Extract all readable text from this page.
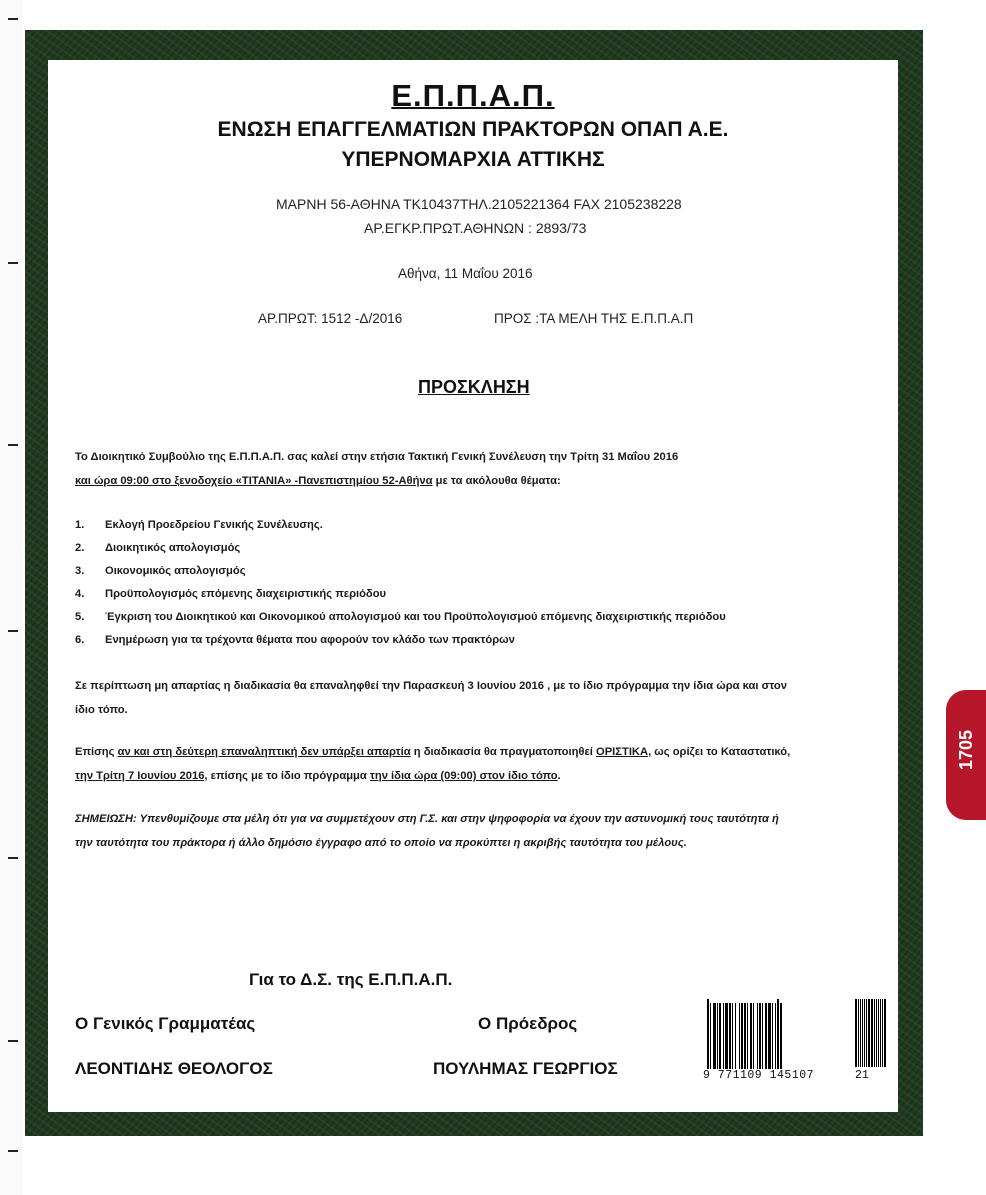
1705
Ε.Π.Π.Α.Π.
ΕΝΩΣΗ ΕΠΑΓΓΕΛΜΑΤΙΩΝ ΠΡΑΚΤΟΡΩΝ ΟΠΑΠ Α.Ε.
ΥΠΕΡΝΟΜΑΡΧΙΑ ΑΤΤΙΚΗΣ
ΜΑΡΝΗ 56-ΑΘΗΝΑ ΤΚ10437ΤΗΛ.2105221364 FAX 2105238228
ΑΡ.ΕΓΚΡ.ΠΡΩΤ.ΑΘΗΝΩΝ : 2893/73
Αθήνα, 11 Μαΐου 2016
ΑΡ.ΠΡΩΤ: 1512 -Δ/2016	ΠΡΟΣ :ΤΑ ΜΕΛΗ ΤΗΣ Ε.Π.Π.Α.Π
ΠΡΟΣΚΛΗΣΗ
Το Διοικητικό Συμβούλιο της Ε.Π.Π.Α.Π. σας καλεί στην ετήσια Τακτική Γενική Συνέλευση την Τρίτη 31 Μαΐου 2016
και ώρα 09:00 στο ξενοδοχείο «TITANIA» -Πανεπιστημίου 52-Αθήνα με τα ακόλουθα θέματα:
1. Εκλογή Προεδρείου Γενικής Συνέλευσης.
2. Διοικητικός απολογισμός
3. Οικονομικός απολογισμός
4. Προϋπολογισμός επόμενης διαχειριστικής περιόδου
5. Έγκριση του Διοικητικού και Οικονομικού απολογισμού και του Προϋπολογισμού επόμενης διαχειριστικής περιόδου
6. Ενημέρωση για τα τρέχοντα θέματα που αφορούν τον κλάδο των πρακτόρων
Σε περίπτωση μη απαρτίας η διαδικασία θα επαναληφθεί την Παρασκευή 3 Ιουνίου 2016 , με το ίδιο πρόγραμμα την ίδια ώρα και στον
ίδιο τόπο.
Επίσης αν και στη δεύτερη επαναληπτική δεν υπάρξει απαρτία η διαδικασία θα πραγματοποιηθεί ΟΡΙΣΤΙΚΑ, ως ορίζει το Καταστατικό,
την Τρίτη 7 Ιουνίου 2016, επίσης με το ίδιο πρόγραμμα την ίδια ώρα (09:00) στον ίδιο τόπο.
ΣΗΜΕΙΩΣΗ: Υπενθυμίζουμε στα μέλη ότι για να συμμετέχουν στη Γ.Σ. και στην ψηφοφορία να έχουν την αστυνομική τους ταυτότητα ή
την ταυτότητα του πράκτορα ή άλλο δημόσιο έγγραφο από το οποίο να προκύπτει η ακριβής ταυτότητα του μέλους.
Για το Δ.Σ. της Ε.Π.Π.Α.Π.
Ο Γενικός Γραμματέας	Ο Πρόεδρος
ΛΕΟΝΤΙΔΗΣ ΘΕΟΛΟΓΟΣ	ΠΟΥΛΗΜΑΣ ΓΕΩΡΓΙΟΣ	9 771109 145107	21
